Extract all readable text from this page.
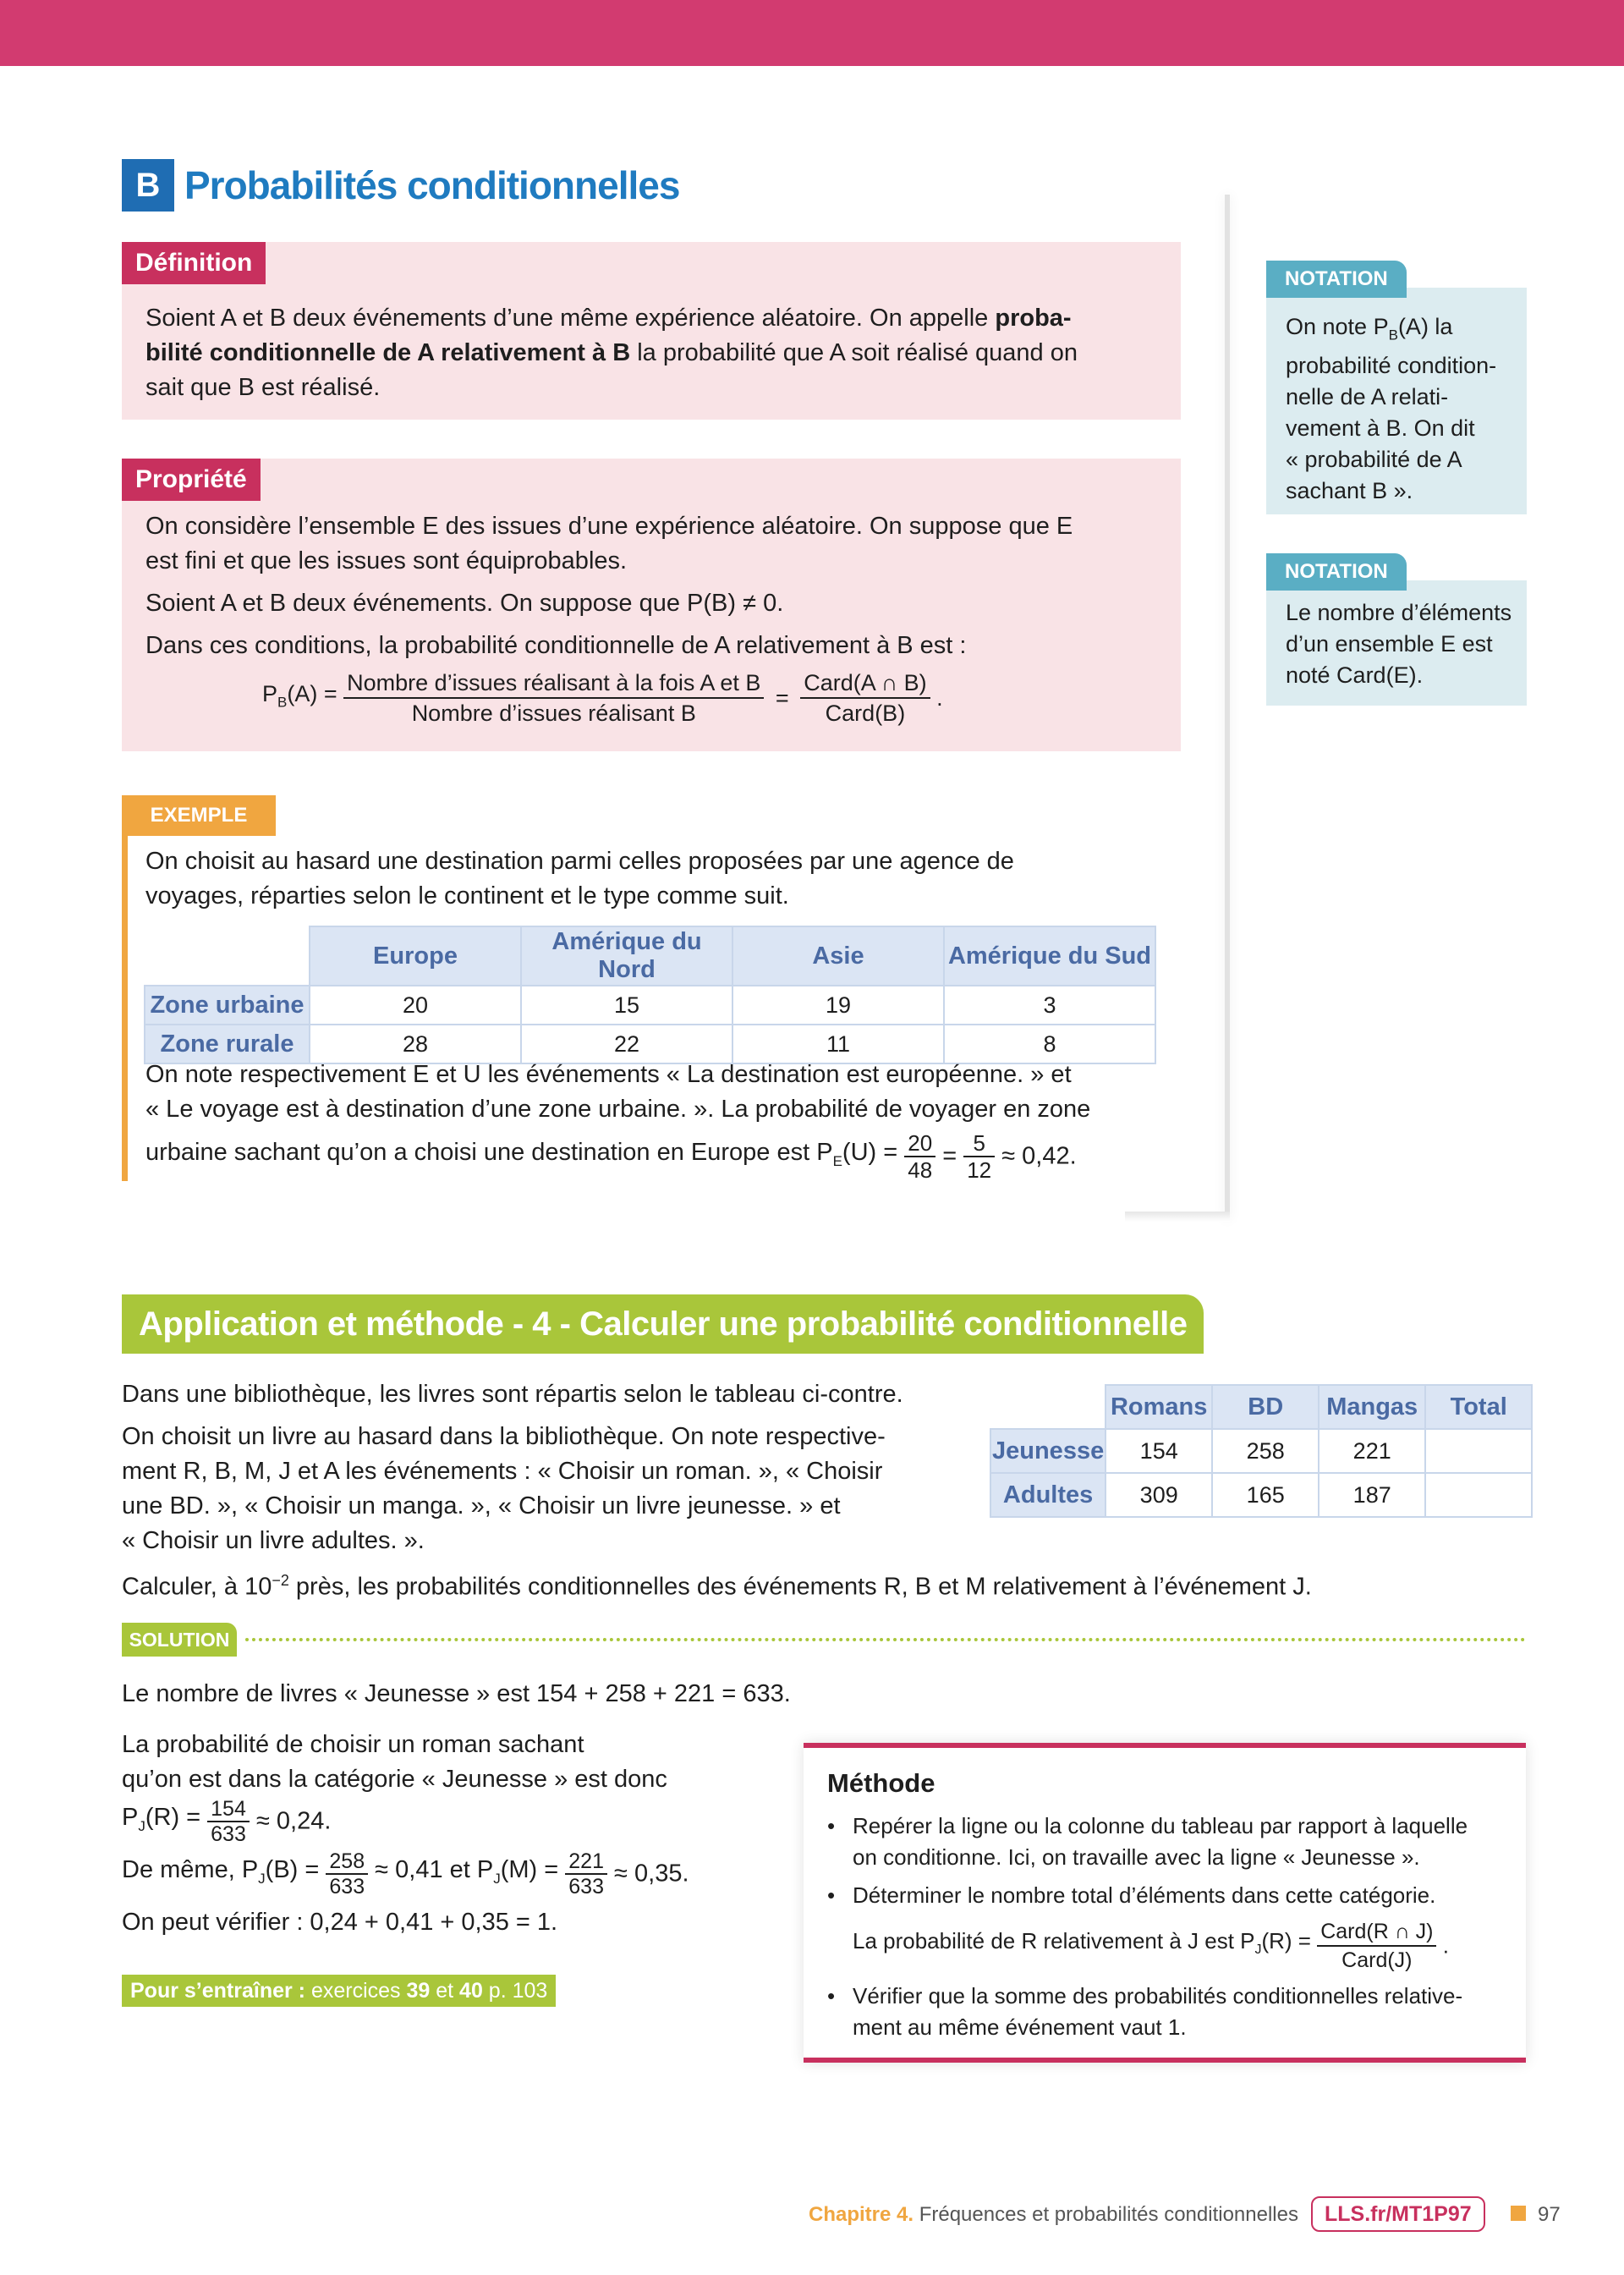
B Probabilités conditionnelles
Définition
Soient A et B deux événements d’une même expérience aléatoire. On appelle proba-
bilité conditionnelle de A relativement à B la probabilité que A soit réalisé quand on
sait que B est réalisé.
Propriété
On considère l’ensemble E des issues d’une expérience aléatoire. On suppose que E
est fini et que les issues sont équiprobables.
Soient A et B deux événements. On suppose que P(B) ≠ 0.
Dans ces conditions, la probabilité conditionnelle de A relativement à B est :
$P_B(A) = \frac{\text{Nombre d’issues réalisant à la fois A et B}}{\text{Nombre d’issues réalisant B}} = \frac{\text{Card(A ∩ B)}}{\text{Card(B)}}$ .
NOTATION
On note $P_B(A)$ la
probabilité condition-
nelle de A relati-
vement à B. On dit
« probabilité de A
sachant B ».
NOTATION
Le nombre d’éléments
d’un ensemble E est
noté Card(E).
EXEMPLE
On choisit au hasard une destination parmi celles proposées par une agence de
voyages, réparties selon le continent et le type comme suit.
	Europe	Amérique du Nord	Asie	Amérique du Sud
Zone urbaine	20	15	19	3
Zone rurale	28	22	11	8
On note respectivement E et U les événements « La destination est européenne. » et
« Le voyage est à destination d’une zone urbaine. ». La probabilité de voyager en zone
urbaine sachant qu’on a choisi une destination en Europe est $P_E(U) = \frac{20}{48} = \frac{5}{12} \approx 0,42$.
Application et méthode - 4 - Calculer une probabilité conditionnelle
Dans une bibliothèque, les livres sont répartis selon le tableau ci-contre.
On choisit un livre au hasard dans la bibliothèque. On note respective-
ment R, B, M, J et A les événements : « Choisir un roman. », « Choisir
une BD. », « Choisir un manga. », « Choisir un livre jeunesse. » et
« Choisir un livre adultes. ».
Calculer, à $10^{-2}$ près, les probabilités conditionnelles des événements R, B et M relativement à l’événement J.
	Romans	BD	Mangas	Total
Jeunesse	154	258	221	
Adultes	309	165	187	
SOLUTION
Le nombre de livres « Jeunesse » est 154 + 258 + 221 = 633.
La probabilité de choisir un roman sachant
qu’on est dans la catégorie « Jeunesse » est donc
$P_J(R) = \frac{154}{633} \approx 0,24$.
De même, $P_J(B) = \frac{258}{633} \approx 0,41$ et $P_J(M) = \frac{221}{633} \approx 0,35$.
On peut vérifier : 0,24 + 0,41 + 0,35 = 1.
Pour s’entraîner : exercices 39 et 40 p. 103
Méthode
• Repérer la ligne ou la colonne du tableau par rapport à laquelle
on conditionne. Ici, on travaille avec la ligne « Jeunesse ».
• Déterminer le nombre total d’éléments dans cette catégorie.
La probabilité de R relativement à J est $P_J(R) = \frac{\text{Card(R ∩ J)}}{\text{Card(J)}}$ .
• Vérifier que la somme des probabilités conditionnelles relative-
ment au même événement vaut 1.
Chapitre 4. Fréquences et probabilités conditionnelles	LLS.fr/MT1P97	97
